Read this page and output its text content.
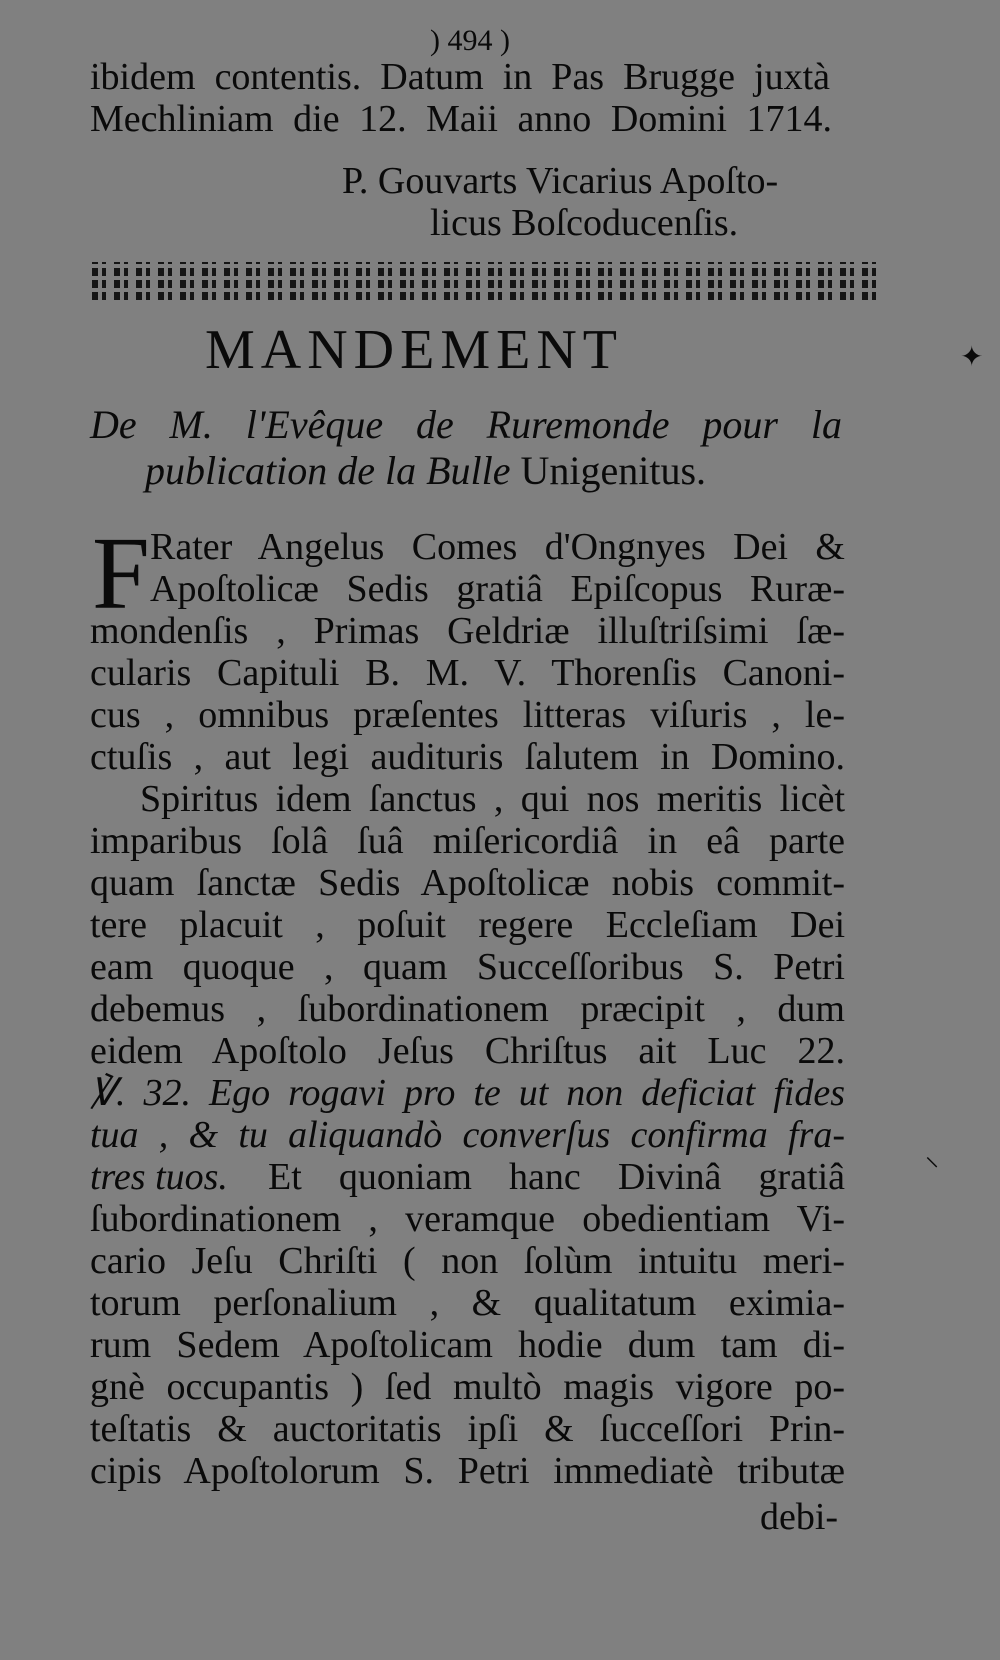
) 494 )
ibidem contentis. Datum in Pas Brugge juxtà
Mechliniam die 12. Maii anno Domini 1714.
P. Gouvarts Vicarius Apoſto-
licus Boſcoducenſis.
MANDEMENT
De M. l'Evêque de Ruremonde pour la
publication de la Bulle Unigenitus.
F Rater Angelus Comes d'Ongnyes Dei &
Apoſtolicæ Sedis gratiâ Epiſcopus Ruræ-
mondenſis , Primas Geldriæ illuſtriſsimi ſæ-
cularis Capituli B. M. V. Thorenſis Canoni-
cus , omnibus præſentes litteras viſuris , le-
ctuſis , aut legi audituris ſalutem in Domino.
Spiritus idem ſanctus , qui nos meritis licèt
imparibus ſolâ ſuâ miſericordiâ in eâ parte
quam ſanctæ Sedis Apoſtolicæ nobis commit-
tere placuit , poſuit regere Eccleſiam Dei
eam quoque , quam Succeſſoribus S. Petri
debemus , ſubordinationem præcipit , dum
eidem Apoſtolo Jeſus Chriſtus ait Luc 22.
℣. 32. Ego rogavi pro te ut non deficiat fides
tua , & tu aliquandò converſus confirma fra-
tres tuos. Et quoniam hanc Divinâ gratiâ
ſubordinationem , veramque obedientiam Vi-
cario Jeſu Chriſti ( non ſolùm intuitu meri-
torum perſonalium , & qualitatum eximia-
rum Sedem Apoſtolicam hodie dum tam di-
gnè occupantis ) ſed multò magis vigore po-
teſtatis & auctoritatis ipſi & ſucceſſori Prin-
cipis Apoſtolorum S. Petri immediatè tributæ
debi-
✦
⸌
